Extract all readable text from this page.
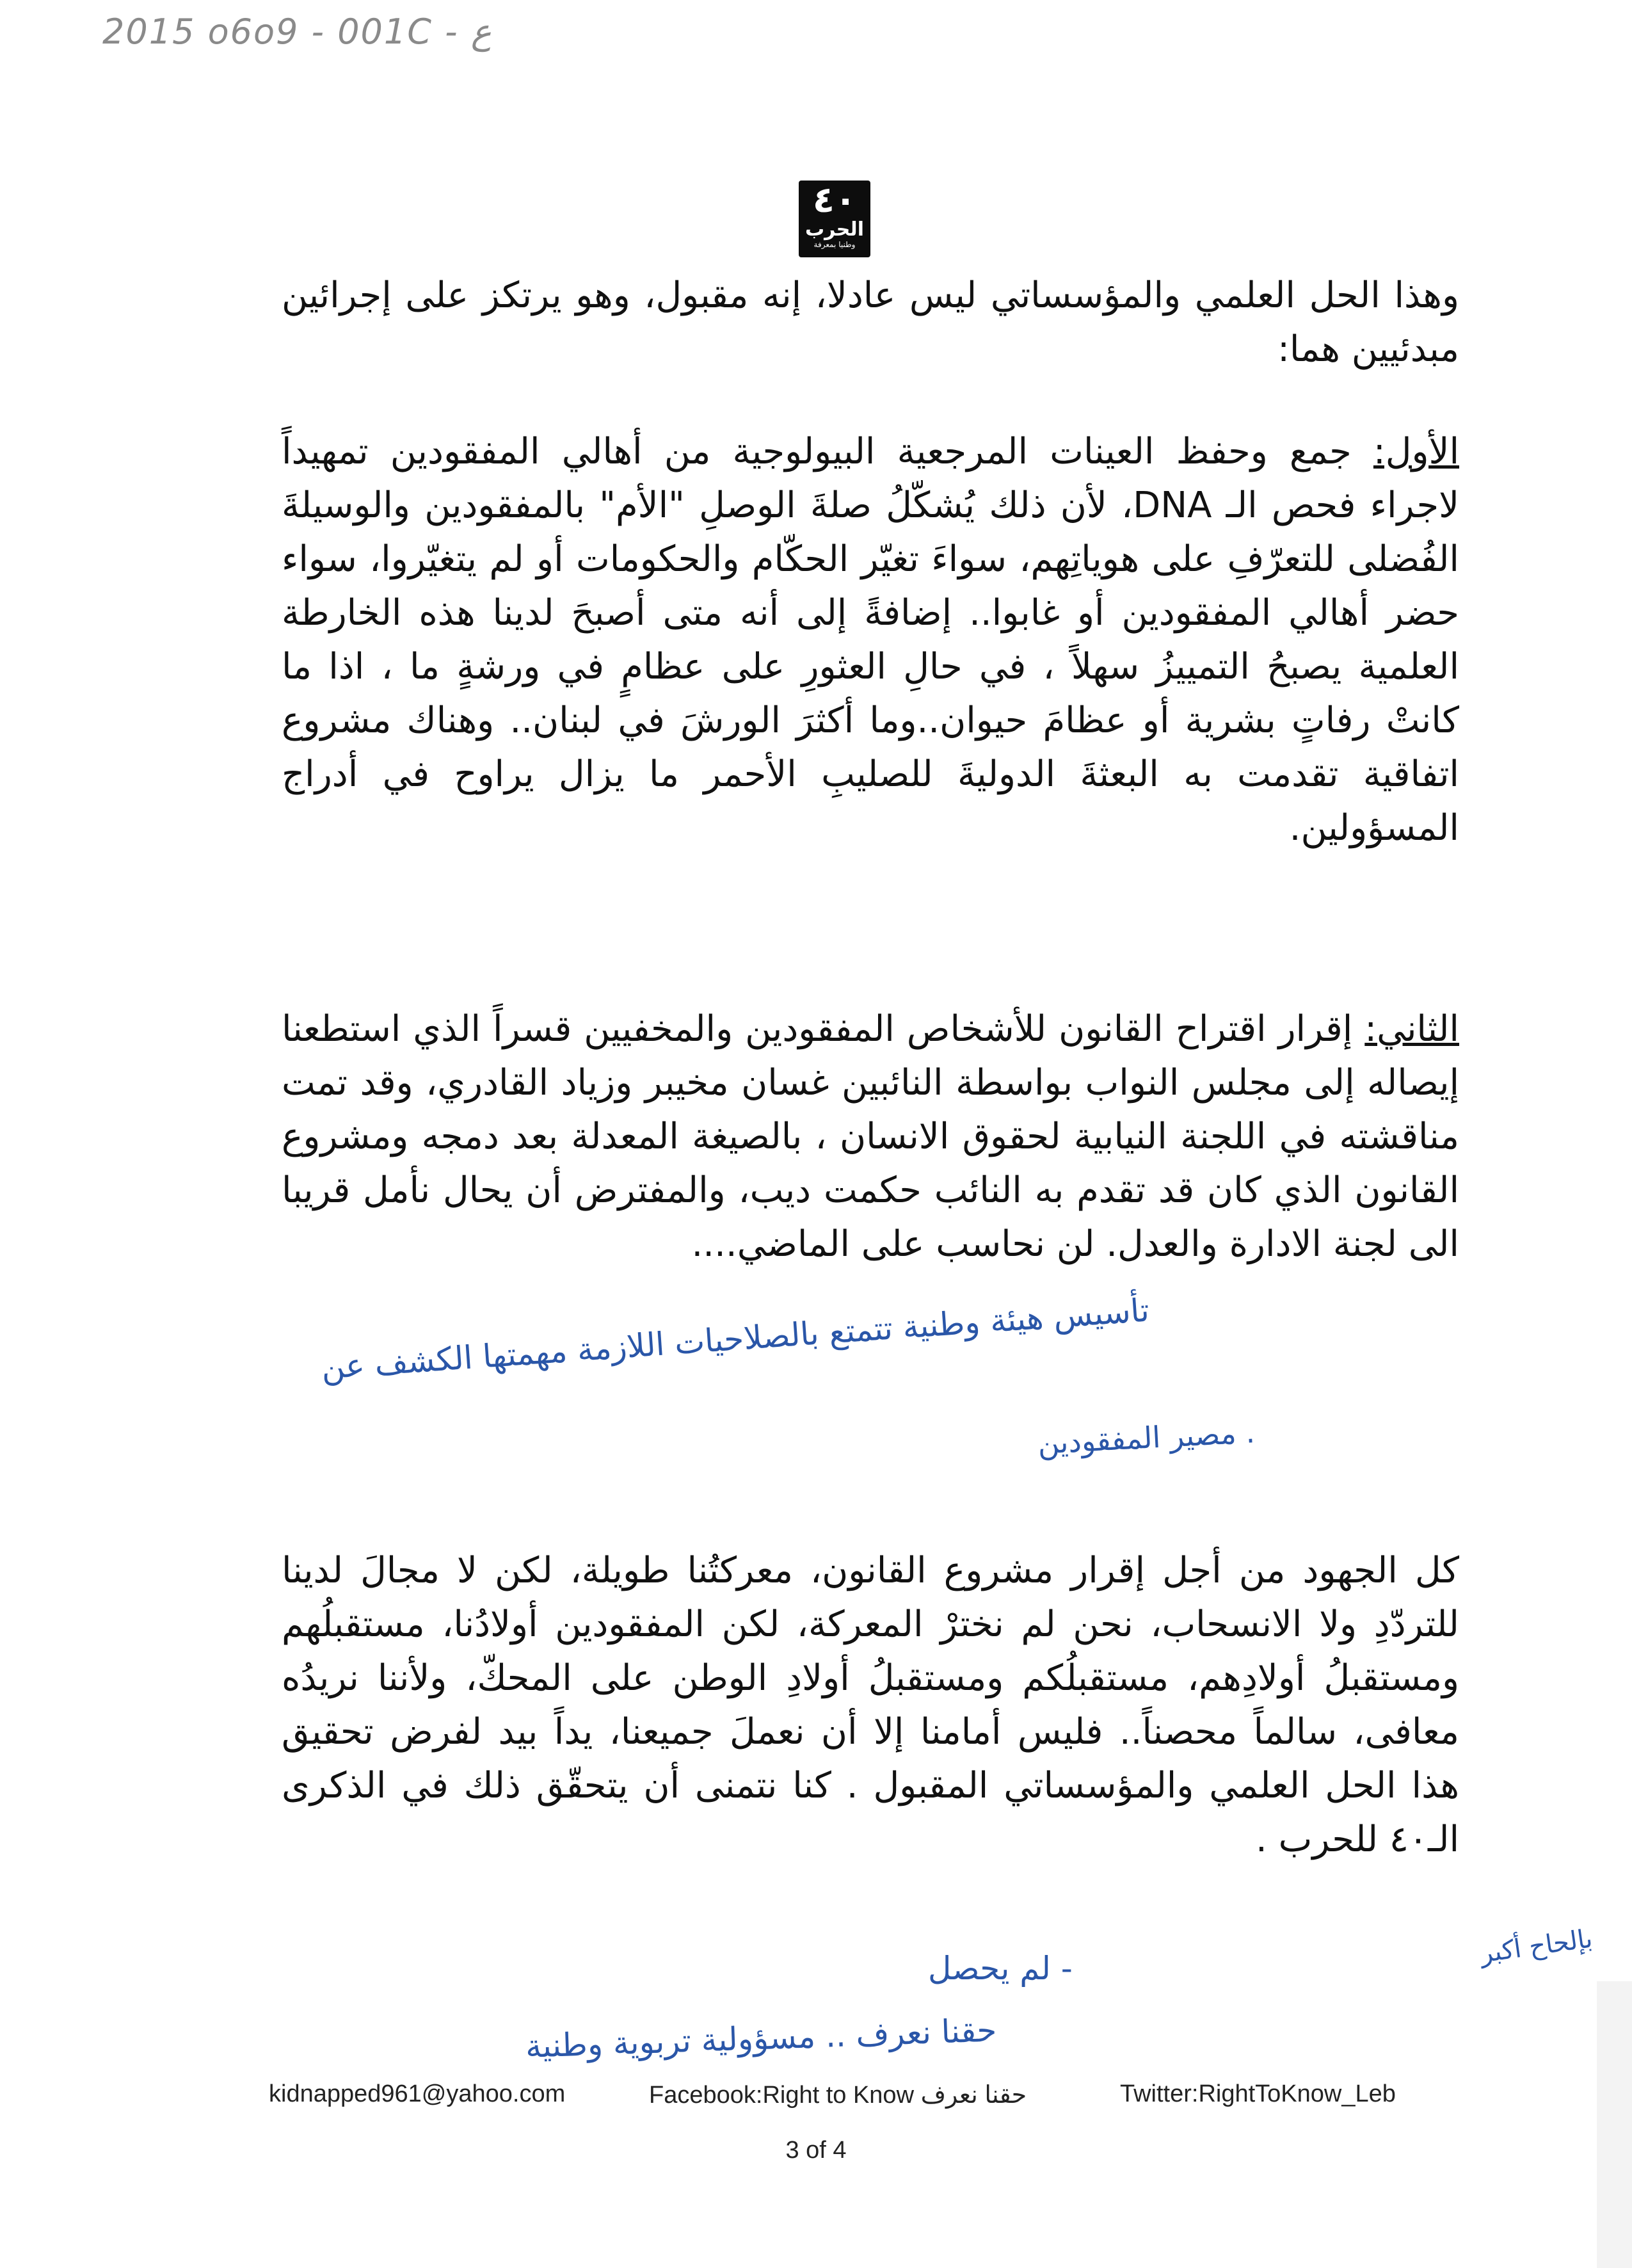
2015 o6o9 - 001C - ع
٤٠
الحرب
وطنيا بمعرفة
وهذا الحل العلمي والمؤسساتي ليس عادلا، إنه مقبول، وهو يرتكز على إجرائين مبدئيين هما:
الأول: جمع وحفظ العينات المرجعية البيولوجية من أهالي المفقودين تمهيداً لاجراء فحص الـ DNA، لأن ذلك يُشكّلُ صلةَ الوصلِ "الأم" بالمفقودين والوسيلةَ الفُضلى للتعرّفِ على هوياتِهم، سواءَ تغيّر الحكّام والحكومات أو لم يتغيّروا، سواء حضر أهالي المفقودين أو غابوا.. إضافةً إلى أنه متى أصبحَ لدينا هذه الخارطة العلمية يصبحُ التمييزُ سهلاً ، في حالِ العثورِ على عظامٍ في ورشةٍ ما ، اذا ما كانتْ رفاتٍ بشرية أو عظامَ حيوان..وما أكثرَ الورشَ في لبنان.. وهناك مشروع اتفاقية تقدمت به البعثةَ الدوليةَ للصليبِ الأحمر ما يزال يراوح في أدراج المسؤولين.
الثاني: إقرار اقتراح القانون للأشخاص المفقودين والمخفيين قسراً الذي استطعنا إيصاله إلى مجلس النواب بواسطة النائبين غسان مخيبر وزياد القادري، وقد تمت مناقشته في اللجنة النيابية لحقوق الانسان ، بالصيغة المعدلة بعد دمجه ومشروع القانون الذي كان قد تقدم به النائب حكمت ديب، والمفترض أن يحال نأمل قريبا الى لجنة الادارة والعدل. لن نحاسب على الماضي....
كل الجهود من أجل إقرار مشروع القانون، معركتُنا طويلة، لكن لا مجالَ لدينا للتردّدِ ولا الانسحاب، نحن لم نخترْ المعركة، لكن المفقودين أولادُنا، مستقبلُهم ومستقبلُ أولادِهم، مستقبلُكم ومستقبلُ أولادِ الوطن على المحكّ، ولأننا نريدُه معافى، سالماً محصناً.. فليس أمامنا إلا أن نعملَ جميعنا، يداً بيد لفرض تحقيق هذا الحل العلمي والمؤسساتي المقبول . كنا نتمنى أن يتحقّق ذلك في الذكرى الـ٤٠ للحرب .
تأسيس هيئة وطنية تتمتع بالصلاحيات اللازمة مهمتها الكشف عن
مصير المفقودين .
لم يحصل -	بإلحاح أكبر
حقنا نعرف .. مسؤولية تربوية وطنية
kidnapped961@yahoo.com	Facebook:Right to Know حقنا نعرف	Twitter:RightToKnow_Leb
3 of 4
